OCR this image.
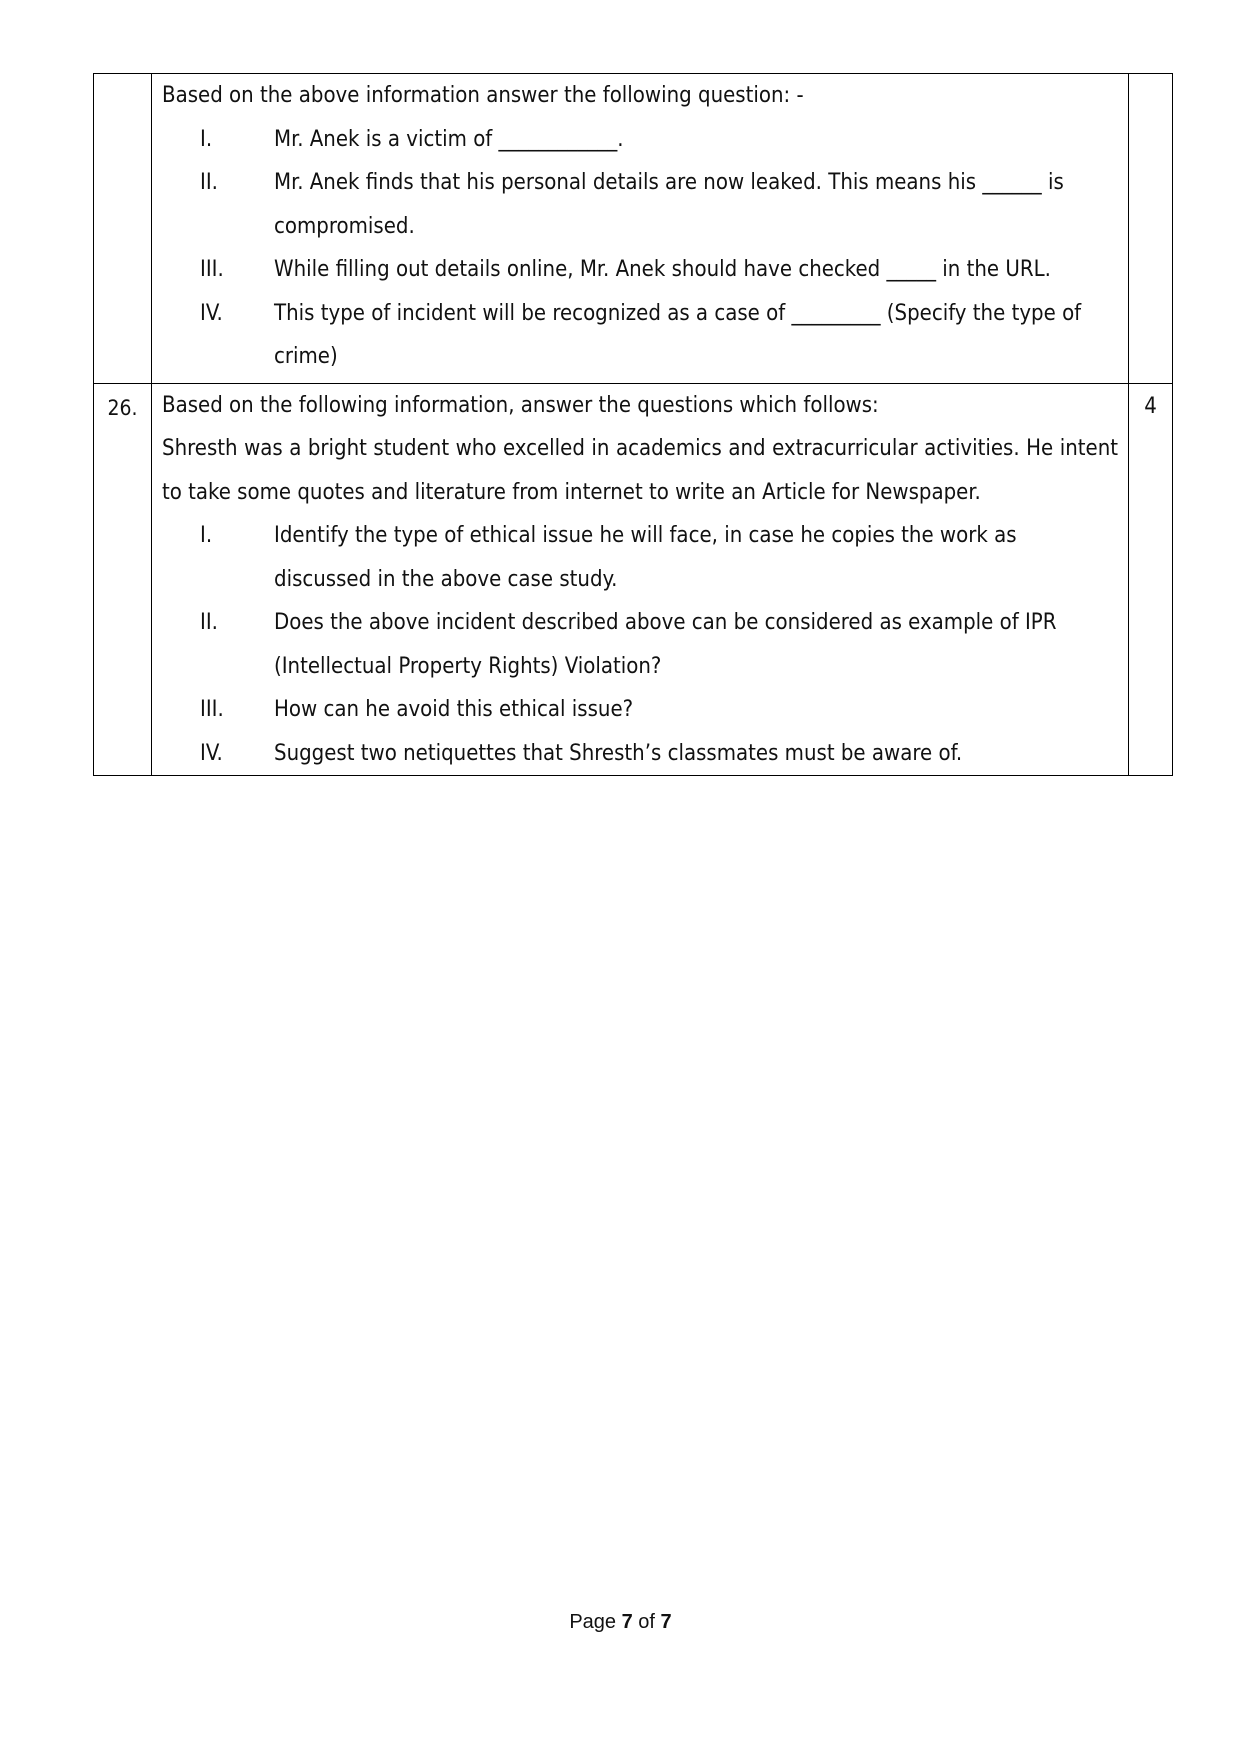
Based on the above information answer the following question: -
I.	Mr. Anek is a victim of ____________.
II.	Mr. Anek finds that his personal details are now leaked. This means his ______ is compromised.
III.	While filling out details online, Mr. Anek should have checked _____ in the URL.
IV.	This type of incident will be recognized as a case of _________ (Specify the type of crime)

26.	Based on the following information, answer the questions which follows:
Shresth was a bright student who excelled in academics and extracurricular activities. He intent to take some quotes and literature from internet to write an Article for Newspaper.
I.	Identify the type of ethical issue he will face, in case he copies the work as discussed in the above case study.
II.	Does the above incident described above can be considered as example of IPR (Intellectual Property Rights) Violation?
III.	How can he avoid this ethical issue?
IV.	Suggest two netiquettes that Shresth’s classmates must be aware of.
	4
Page 7 of 7
